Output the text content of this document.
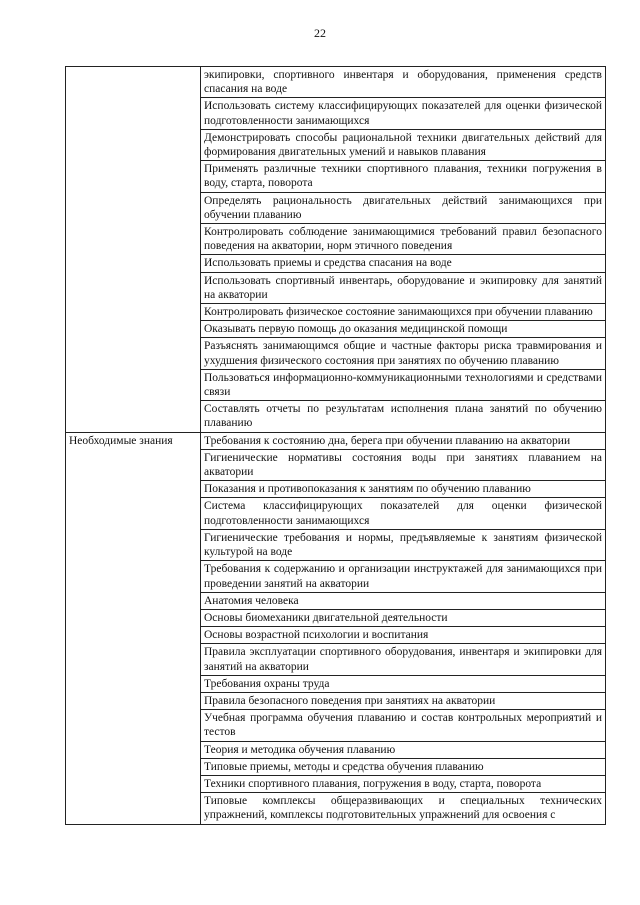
22
	экипировки, спортивного инвентаря и оборудования, применения средств спасания на воде
	Использовать систему классифицирующих показателей для оценки физической подготовленности занимающихся
	Демонстрировать способы рациональной техники двигательных действий для формирования двигательных умений и навыков плавания
	Применять различные техники спортивного плавания, техники погружения в воду, старта, поворота
	Определять рациональность двигательных действий занимающихся при обучении плаванию
	Контролировать соблюдение занимающимися требований правил безопасного поведения на акватории, норм этичного поведения
	Использовать приемы и средства спасания на воде
	Использовать спортивный инвентарь, оборудование и экипировку для занятий на акватории
	Контролировать физическое состояние занимающихся при обучении плаванию
	Оказывать первую помощь до оказания медицинской помощи
	Разъяснять занимающимся общие и частные факторы риска травмирования и ухудшения физического состояния при занятиях по обучению плаванию
	Пользоваться информационно-коммуникационными технологиями и средствами связи
	Составлять отчеты по результатам исполнения плана занятий по обучению плаванию
Необходимые знания	Требования к состоянию дна, берега при обучении плаванию на акватории
	Гигиенические нормативы состояния воды при занятиях плаванием на акватории
	Показания и противопоказания к занятиям по обучению плаванию
	Система классифицирующих показателей для оценки физической подготовленности занимающихся
	Гигиенические требования и нормы, предъявляемые к занятиям физической культурой на воде
	Требования к содержанию и организации инструктажей для занимающихся при проведении занятий на акватории
	Анатомия человека
	Основы биомеханики двигательной деятельности
	Основы возрастной психологии и воспитания
	Правила эксплуатации спортивного оборудования, инвентаря и экипировки для занятий на акватории
	Требования охраны труда
	Правила безопасного поведения при занятиях на акватории
	Учебная программа обучения плаванию и состав контрольных мероприятий и тестов
	Теория и методика обучения плаванию
	Типовые приемы, методы и средства обучения плаванию
	Техники спортивного плавания, погружения в воду, старта, поворота
	Типовые комплексы общеразвивающих и специальных технических упражнений, комплексы подготовительных упражнений для освоения с
